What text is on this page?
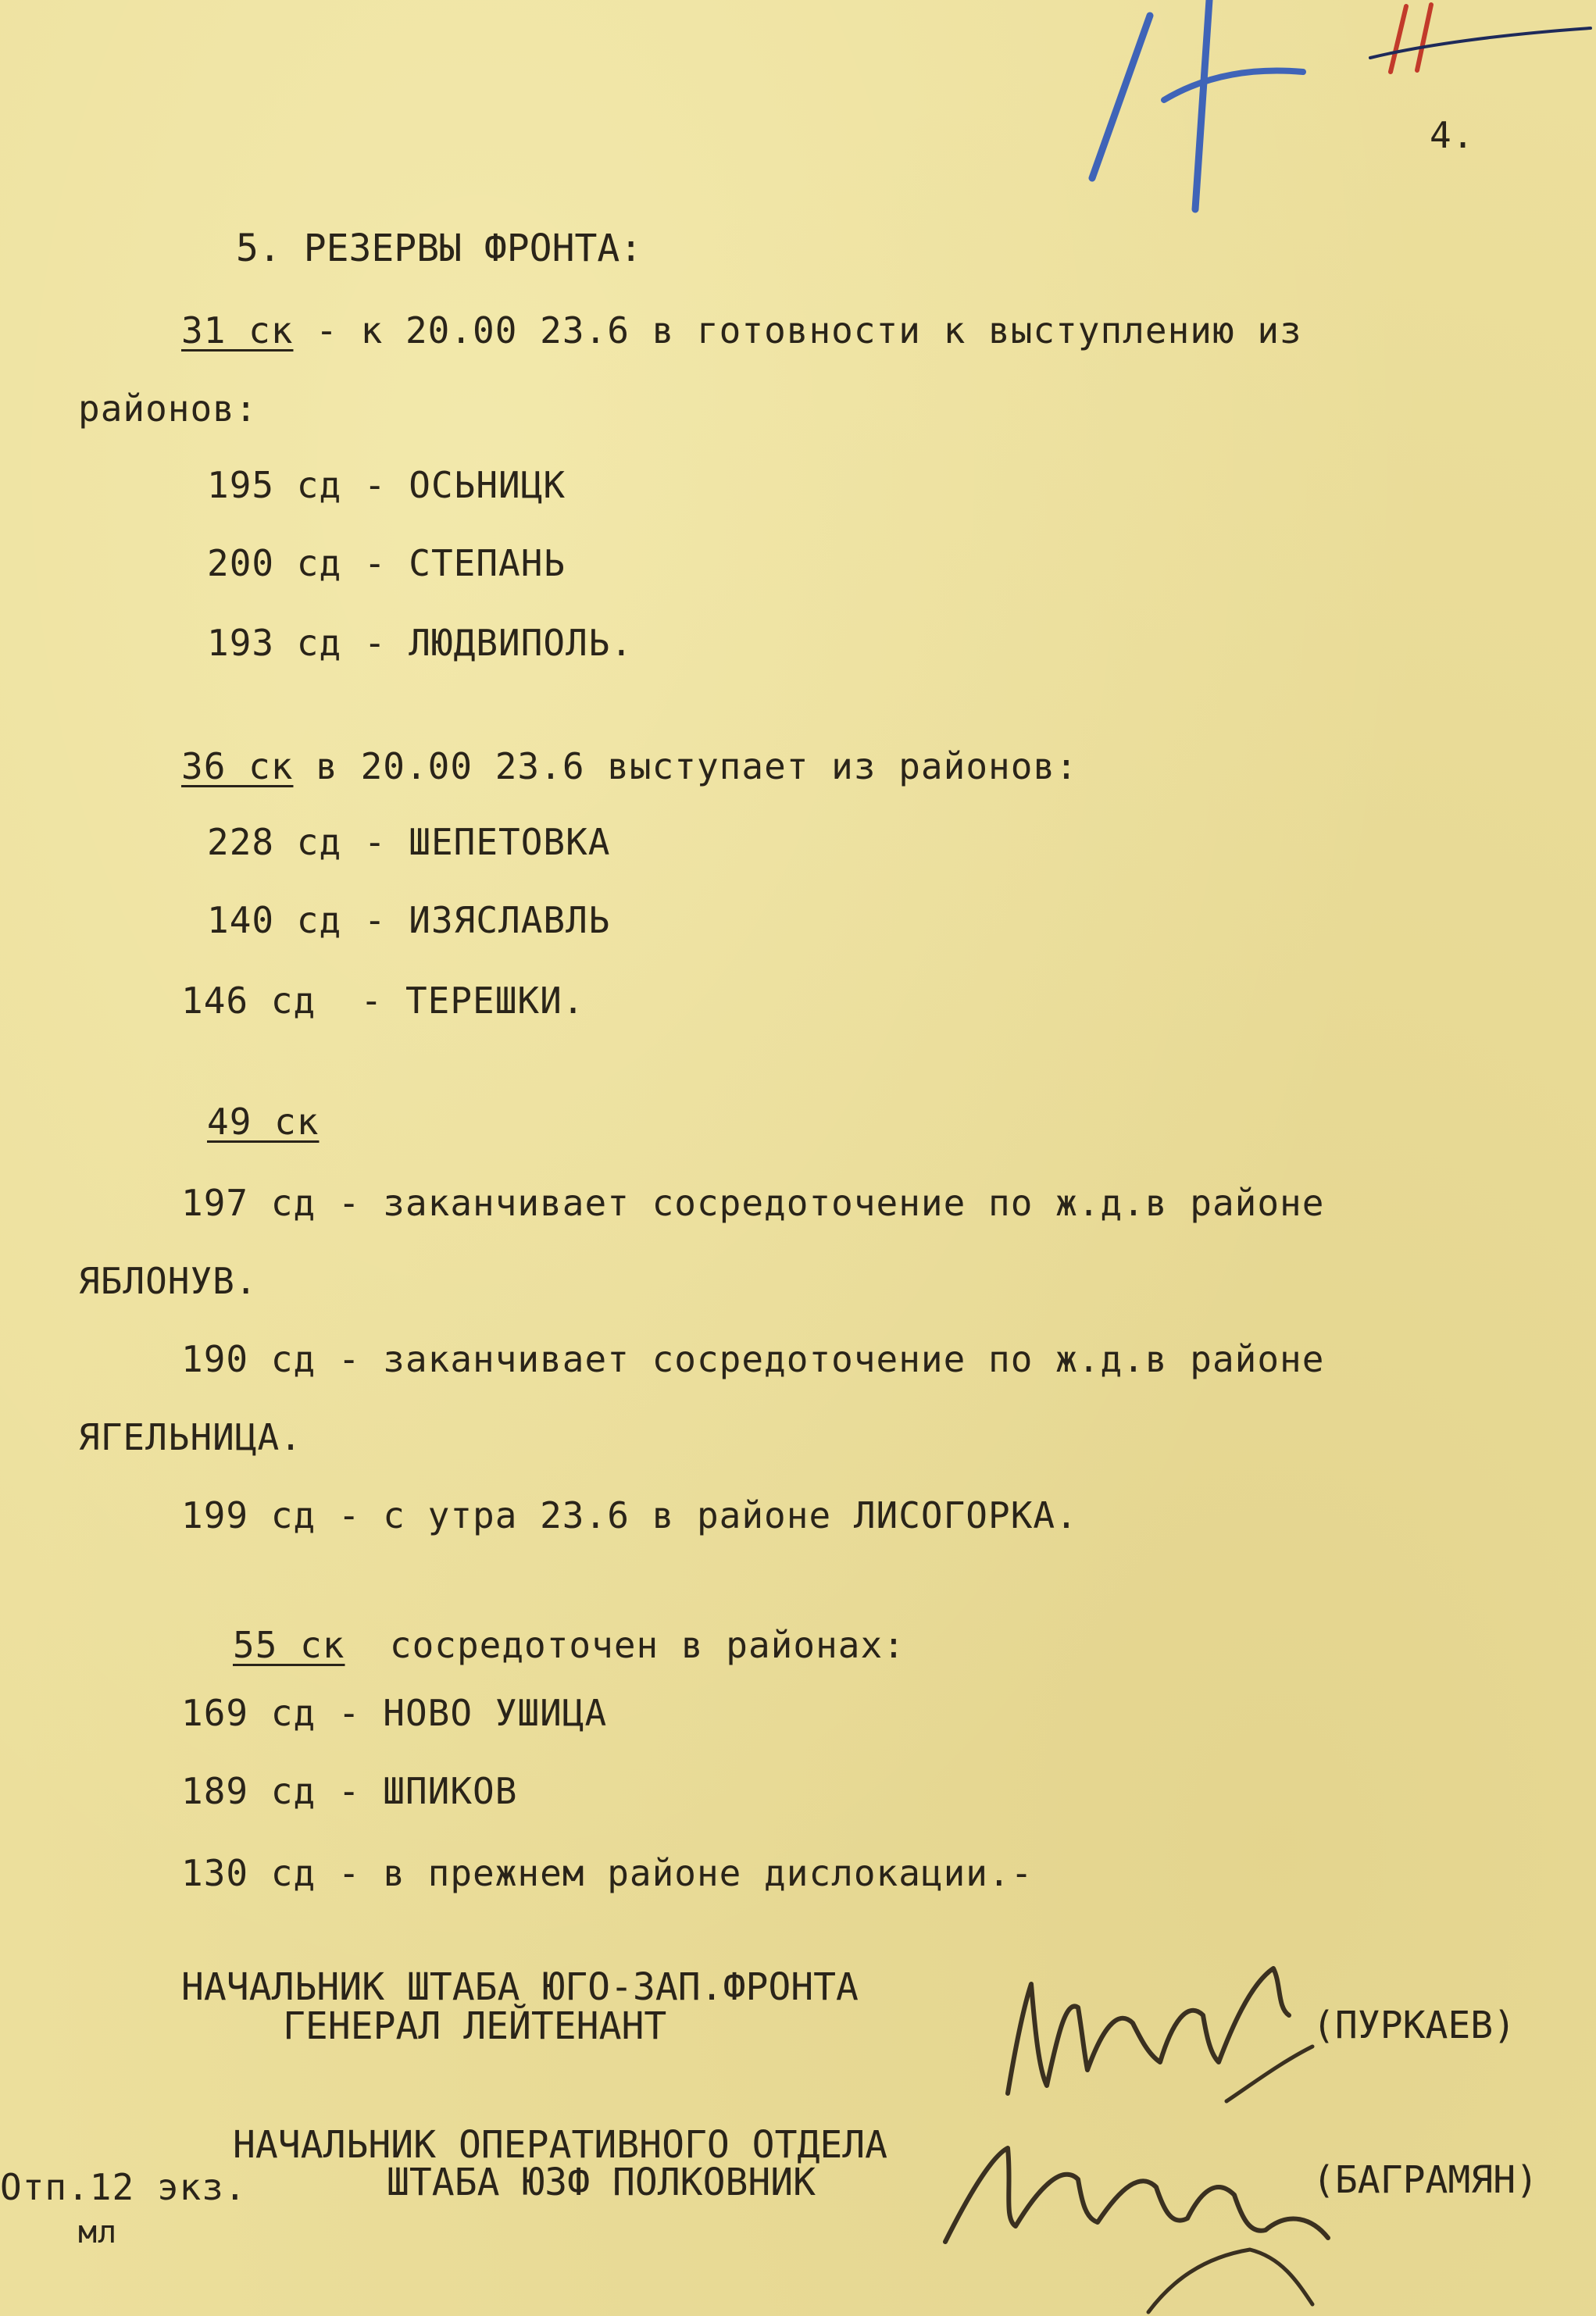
4.
5. РЕЗЕРВЫ ФРОНТА:
31 ск - к 20.00 23.6 в готовности к выступлению из
районов:
195 сд - ОСЬНИЦК
200 сд - СТЕПАНЬ
193 сд - ЛЮДВИПОЛЬ.
36 ск в 20.00 23.6 выступает из районов:
228 сд - ШЕПЕТОВКА
140 сд - ИЗЯСЛАВЛЬ
146 сд  - ТЕРЕШКИ.
49 ск
197 сд - заканчивает сосредоточение по ж.д.в районе
ЯБЛОНУВ.
190 сд - заканчивает сосредоточение по ж.д.в районе
ЯГЕЛЬНИЦА.
199 сд - с утра 23.6 в районе ЛИСОГОРКА.
55 ск  сосредоточен в районах:
169 сд - НОВО УШИЦА
189 сд - ШПИКОВ
130 сд - в прежнем районе дислокации.-
НАЧАЛЬНИК ШТАБА ЮГО-ЗАП.ФРОНТА
ГЕНЕРАЛ ЛЕЙТЕНАНТ	(ПУРКАЕВ)
НАЧАЛЬНИК ОПЕРАТИВНОГО ОТДЕЛА
ШТАБА ЮЗФ ПОЛКОВНИК	(БАГРАМЯН)
Отп.12 экз.
мл
